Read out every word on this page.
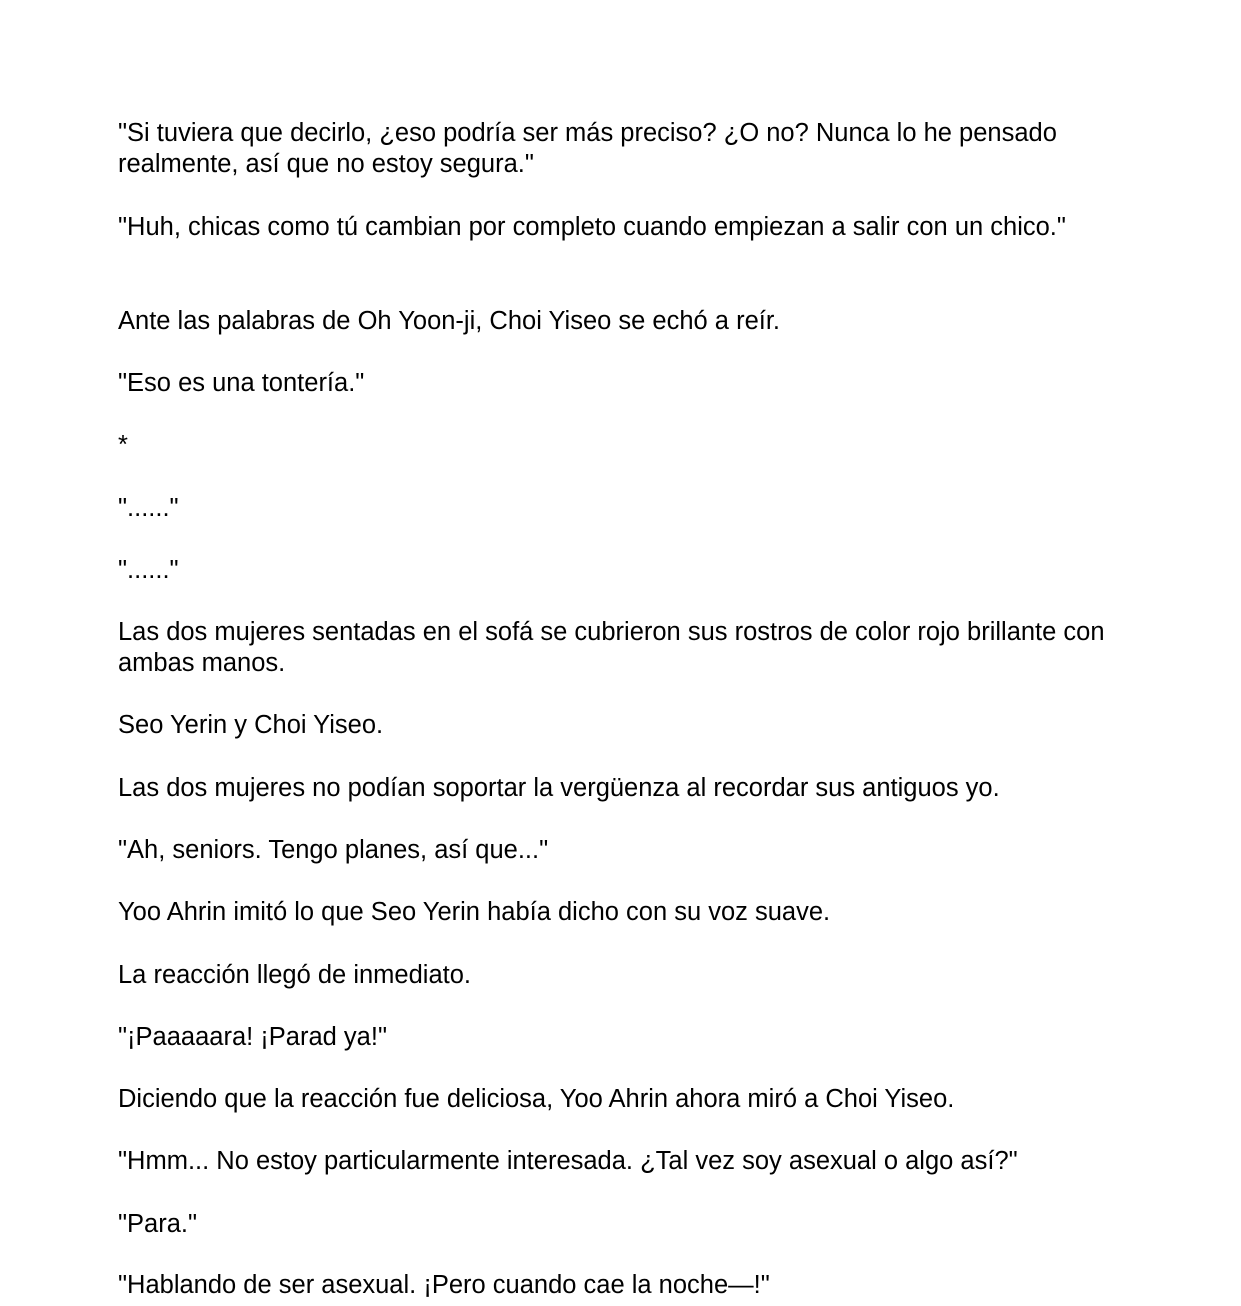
"Si tuviera que decirlo, ¿eso podría ser más preciso? ¿O no? Nunca lo he pensado realmente, así que no estoy segura."

"Huh, chicas como tú cambian por completo cuando empiezan a salir con un chico."

Ante las palabras de Oh Yoon-ji, Choi Yiseo se echó a reír.

"Eso es una tontería."

*

"......"

"......"

Las dos mujeres sentadas en el sofá se cubrieron sus rostros de color rojo brillante con ambas manos.

Seo Yerin y Choi Yiseo.

Las dos mujeres no podían soportar la vergüenza al recordar sus antiguos yo.

"Ah, seniors. Tengo planes, así que..."

Yoo Ahrin imitó lo que Seo Yerin había dicho con su voz suave.

La reacción llegó de inmediato.

"¡Paaaaara! ¡Parad ya!"

Diciendo que la reacción fue deliciosa, Yoo Ahrin ahora miró a Choi Yiseo.

"Hmm... No estoy particularmente interesada. ¿Tal vez soy asexual o algo así?"

"Para."

"Hablando de ser asexual. ¡Pero cuando cae la noche—!"
